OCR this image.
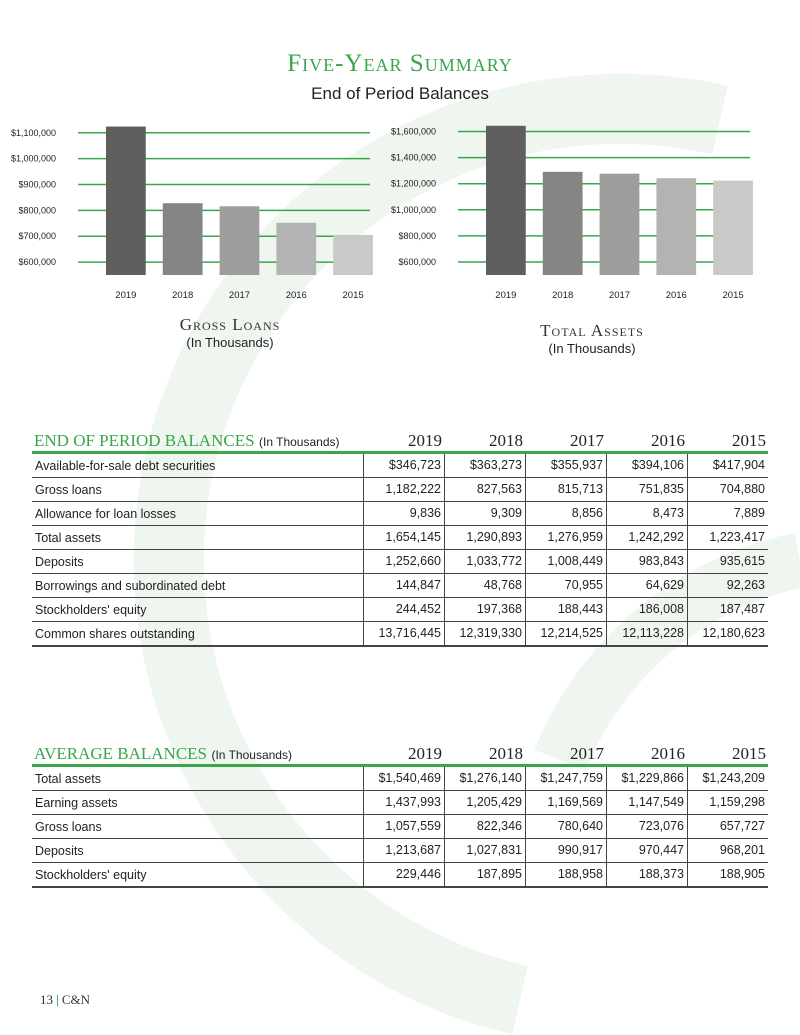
Five-Year Summary
End of Period Balances
$600,000
$700,000
$800,000
$900,000
$1,000,000
$1,100,000
2019	2018	2017	2016	2015
$600,000
$800,000
$1,000,000
$1,200,000
$1,400,000
$1,600,000
2019	2018	2017	2016	2015
Gross Loans
(In Thousands)
Total Assets
(In Thousands)
END OF PERIOD BALANCES (In Thousands)	2019	2018	2017	2016	2015
Available-for-sale debt securities	$346,723	$363,273	$355,937	$394,106	$417,904
Gross loans	1,182,222	827,563	815,713	751,835	704,880
Allowance for loan losses	9,836	9,309	8,856	8,473	7,889
Total assets	1,654,145	1,290,893	1,276,959	1,242,292	1,223,417
Deposits	1,252,660	1,033,772	1,008,449	983,843	935,615
Borrowings and subordinated debt	144,847	48,768	70,955	64,629	92,263
Stockholders' equity	244,452	197,368	188,443	186,008	187,487
Common shares outstanding	13,716,445	12,319,330	12,214,525	12,113,228	12,180,623
AVERAGE BALANCES (In Thousands)	2019	2018	2017	2016	2015
Total assets	$1,540,469	$1,276,140	$1,247,759	$1,229,866	$1,243,209
Earning assets	1,437,993	1,205,429	1,169,569	1,147,549	1,159,298
Gross loans	1,057,559	822,346	780,640	723,076	657,727
Deposits	1,213,687	1,027,831	990,917	970,447	968,201
Stockholders' equity	229,446	187,895	188,958	188,373	188,905
13 | C&N
